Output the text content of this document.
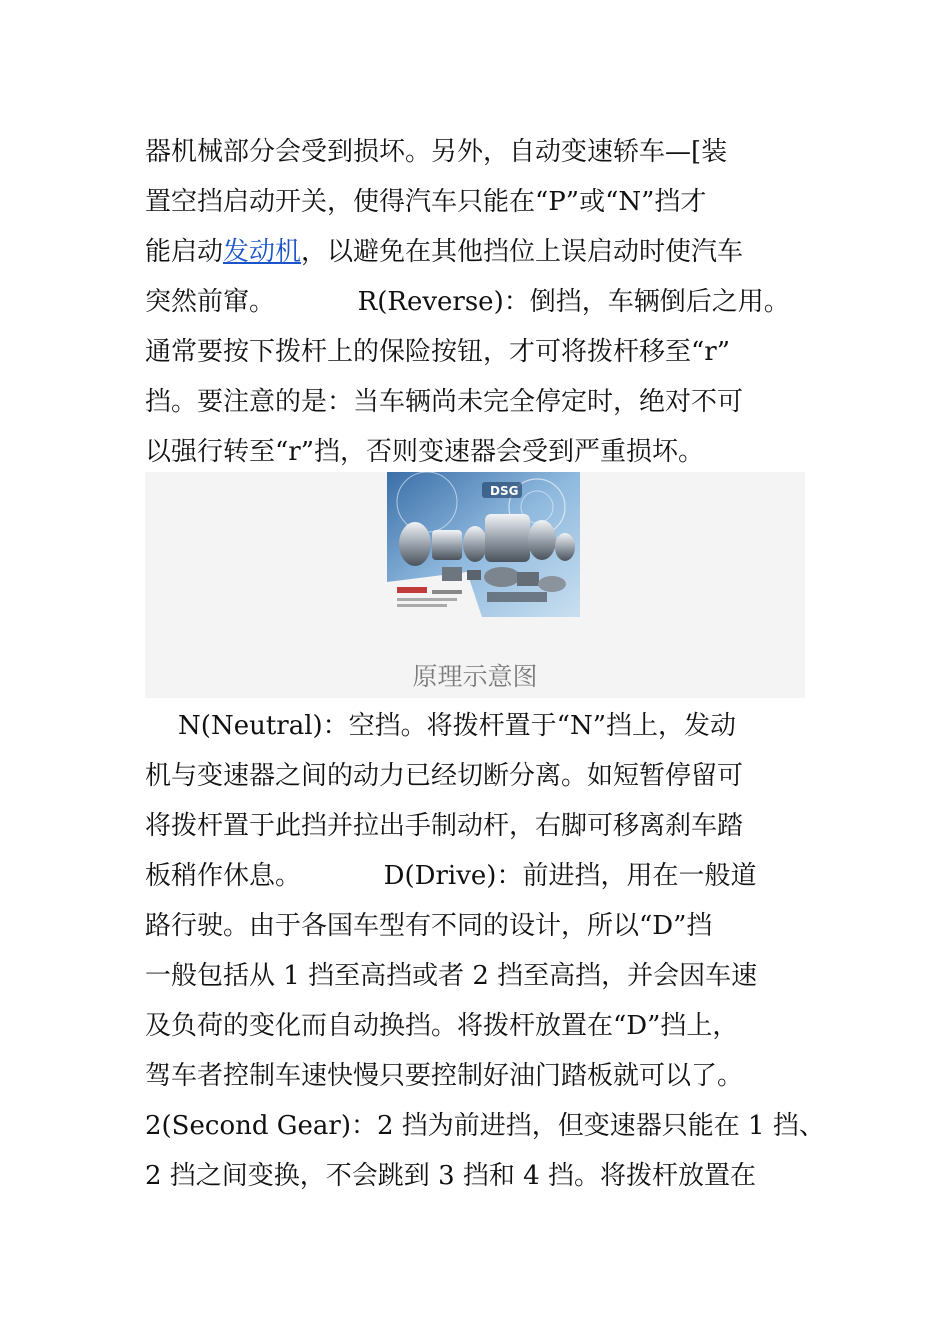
器机械部分会受到损坏。另外，自动变速轿车—[装
置空挡启动开关，使得汽车只能在“P”或“N”挡才
能启动发动机，以避免在其他挡位上误启动时使汽车
突然前窜。          R(Reverse)：倒挡，车辆倒后之用。
通常要按下拨杆上的保险按钮，才可将拨杆移至“r”
挡。要注意的是：当车辆尚未完全停定时，绝对不可
以强行转至“r”挡，否则变速器会受到严重损坏。
DSG
原理示意图
N(Neutral)：空挡。将拨杆置于“N”挡上，发动
机与变速器之间的动力已经切断分离。如短暂停留可
将拨杆置于此挡并拉出手制动杆，右脚可移离刹车踏
板稍作休息。          D(Drive)：前进挡，用在一般道
路行驶。由于各国车型有不同的设计，所以“D”挡
一般包括从 1 挡至高挡或者 2 挡至高挡，并会因车速
及负荷的变化而自动换挡。将拨杆放置在“D”挡上，
驾车者控制车速快慢只要控制好油门踏板就可以了。
2(Second Gear)：2 挡为前进挡，但变速器只能在 1 挡、
2 挡之间变换，不会跳到 3 挡和 4 挡。将拨杆放置在
